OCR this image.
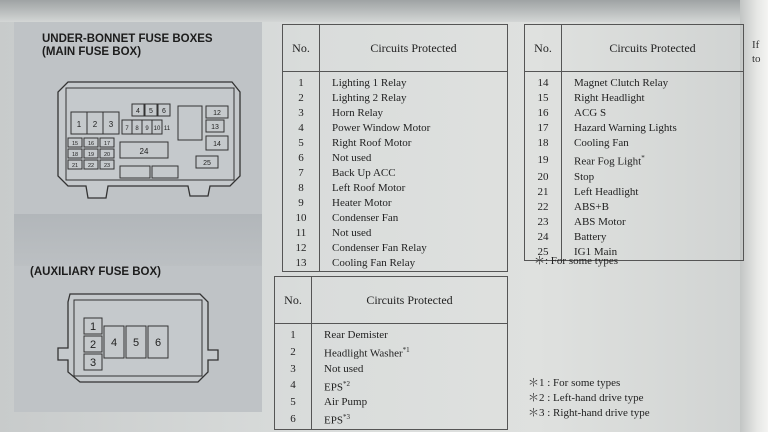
If
to
UNDER-BONNET FUSE BOXES
(MAIN FUSE BOX)
1 2 3
4 5 6
7 8 9 10 11
12
13
14
15 16 17
18 19 20
21 22 23
24
25
(AUXILIARY FUSE BOX)
1
2
3
4 5 6
No.	Circuits Protected
1	Lighting 1 Relay
2	Lighting 2 Relay
3	Horn Relay
4	Power Window Motor
5	Right Roof Motor
6	Not used
7	Back Up ACC
8	Left Roof Motor
9	Heater Motor
10	Condenser Fan
11	Not used
12	Condenser Fan Relay
13	Cooling Fan Relay
No.	Circuits Protected
14	Magnet Clutch Relay
15	Right Headlight
16	ACG S
17	Hazard Warning Lights
18	Cooling Fan
19	Rear Fog Light*
20	Stop
21	Left Headlight
22	ABS+B
23	ABS Motor
24	Battery
25	IG1 Main
＊: For some types
No.	Circuits Protected
1	Rear Demister
2	Headlight Washer$^{*1}$
3	Not used
4	EPS$^{*2}$
5	Air Pump
6	EPS$^{*3}$
＊1 : For some types
＊2 : Left-hand drive type
＊3 : Right-hand drive type
